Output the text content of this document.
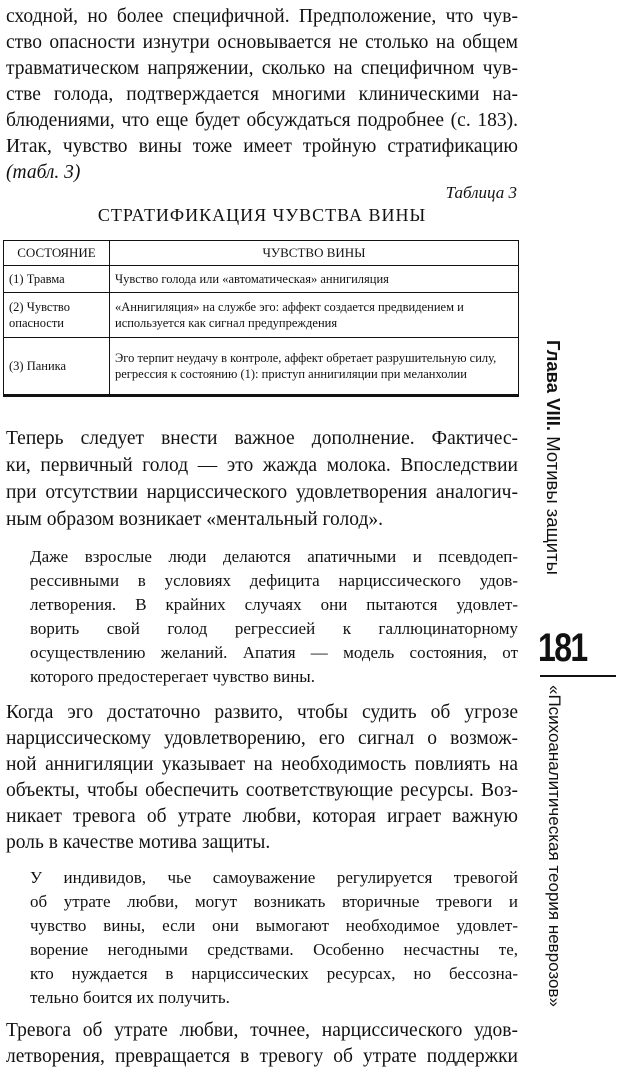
сходной, но более специфичной. Предположение, что чув-
ство опасности изнутри основывается не столько на общем
травматическом напряжении, сколько на специфичном чув-
стве голода, подтверждается многими клиническими на-
блюдениями, что еще будет обсуждаться подробнее (с. 183).
Итак, чувство вины тоже имеет тройную стратификацию
(табл. 3)
Таблица 3
СТРАТИФИКАЦИЯ ЧУВСТВА ВИНЫ
СОСТОЯНИЕ	ЧУВСТВО ВИНЫ
(1) Травма	Чувство голода или «автоматическая» аннигиляция
(2) Чувство опасности	«Аннигиляция» на службе эго: аффект создается предвидением и используется как сигнал предупреждения
(3) Паника	Эго терпит неудачу в контроле, аффект обретает разрушительную силу, регрессия к состоянию (1): приступ аннигиляции при меланхолии
Теперь следует внести важное дополнение. Фактичес-
ки, первичный голод — это жажда молока. Впоследствии
при отсутствии нарциссического удовлетворения аналогич-
ным образом возникает «ментальный голод».
Даже взрослые люди делаются апатичными и псевдодеп-
рессивными в условиях дефицита нарциссического удов-
летворения. В крайних случаях они пытаются удовлет-
ворить свой голод регрессией к галлюцинаторному
осуществлению желаний. Апатия — модель состояния, от
которого предостерегает чувство вины.
Когда эго достаточно развито, чтобы судить об угрозе
нарциссическому удовлетворению, его сигнал о возмож-
ной аннигиляции указывает на необходимость повлиять на
объекты, чтобы обеспечить соответствующие ресурсы. Воз-
никает тревога об утрате любви, которая играет важную
роль в качестве мотива защиты.
У индивидов, чье самоуважение регулируется тревогой
об утрате любви, могут возникать вторичные тревоги и
чувство вины, если они вымогают необходимое удовлет-
ворение негодными средствами. Особенно несчастны те,
кто нуждается в нарциссических ресурсах, но бессозна-
тельно боится их получить.
Тревога об утрате любви, точнее, нарциссического удов-
летворения, превращается в тревогу об утрате поддержки
Глава VIII. Мотивы защиты
181
«Психоаналитическая теория неврозов»
